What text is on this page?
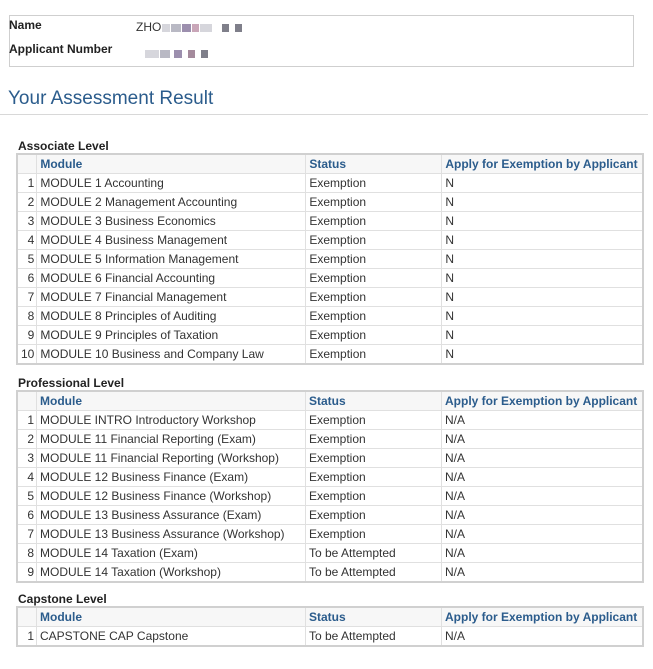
Name	ZHO
Applicant Number
Your Assessment Result
Associate Level
	Module	Status	Apply for Exemption by Applicant
1	MODULE 1 Accounting	Exemption	N
2	MODULE 2 Management Accounting	Exemption	N
3	MODULE 3 Business Economics	Exemption	N
4	MODULE 4 Business Management	Exemption	N
5	MODULE 5 Information Management	Exemption	N
6	MODULE 6 Financial Accounting	Exemption	N
7	MODULE 7 Financial Management	Exemption	N
8	MODULE 8 Principles of Auditing	Exemption	N
9	MODULE 9 Principles of Taxation	Exemption	N
10	MODULE 10 Business and Company Law	Exemption	N
Professional Level
	Module	Status	Apply for Exemption by Applicant
1	MODULE INTRO Introductory Workshop	Exemption	N/A
2	MODULE 11 Financial Reporting (Exam)	Exemption	N/A
3	MODULE 11 Financial Reporting (Workshop)	Exemption	N/A
4	MODULE 12 Business Finance (Exam)	Exemption	N/A
5	MODULE 12 Business Finance (Workshop)	Exemption	N/A
6	MODULE 13 Business Assurance (Exam)	Exemption	N/A
7	MODULE 13 Business Assurance (Workshop)	Exemption	N/A
8	MODULE 14 Taxation (Exam)	To be Attempted	N/A
9	MODULE 14 Taxation (Workshop)	To be Attempted	N/A
Capstone Level
	Module	Status	Apply for Exemption by Applicant
1	CAPSTONE CAP Capstone	To be Attempted	N/A
